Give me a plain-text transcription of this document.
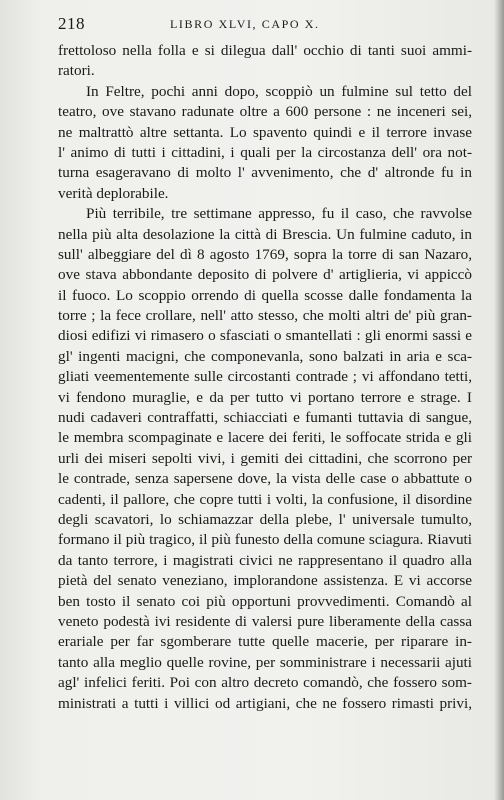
218	LIBRO XLVI, CAPO X.
frettoloso nella folla e si dilegua dall' occhio di tanti suoi ammi-
ratori.
In Feltre, pochi anni dopo, scoppiò un fulmine sul tetto del
teatro, ove stavano radunate oltre a 600 persone : ne inceneri sei,
ne maltrattò altre settanta. Lo spavento quindi e il terrore invase
l' animo di tutti i cittadini, i quali per la circostanza dell' ora not-
turna esageravano di molto l' avvenimento, che d' altronde fu in
verità deplorabile.
Più terribile, tre settimane appresso, fu il caso, che ravvolse
nella più alta desolazione la città di Brescia. Un fulmine caduto, in
sull' albeggiare del dì 8 agosto 1769, sopra la torre di san Nazaro,
ove stava abbondante deposito di polvere d' artiglieria, vi appiccò
il fuoco. Lo scoppio orrendo di quella scosse dalle fondamenta la
torre ; la fece crollare, nell' atto stesso, che molti altri de' più gran-
diosi edifizi vi rimasero o sfasciati o smantellati : gli enormi sassi e
gl' ingenti macigni, che componevanla, sono balzati in aria e sca-
gliati veementemente sulle circostanti contrade ; vi affondano tetti,
vi fendono muraglie, e da per tutto vi portano terrore e strage. I
nudi cadaveri contraffatti, schiacciati e fumanti tuttavia di sangue,
le membra scompaginate e lacere dei feriti, le soffocate strida e gli
urli dei miseri sepolti vivi, i gemiti dei cittadini, che scorrono per
le contrade, senza sapersene dove, la vista delle case o abbattute o
cadenti, il pallore, che copre tutti i volti, la confusione, il disordine
degli scavatori, lo schiamazzar della plebe, l' universale tumulto,
formano il più tragico, il più funesto della comune sciagura. Riavuti
da tanto terrore, i magistrati civici ne rappresentano il quadro alla
pietà del senato veneziano, implorandone assistenza. E vi accorse
ben tosto il senato coi più opportuni provvedimenti. Comandò al
veneto podestà ivi residente di valersi pure liberamente della cassa
erariale per far sgomberare tutte quelle macerie, per riparare in-
tanto alla meglio quelle rovine, per somministrare i necessarii ajuti
agl' infelici feriti. Poi con altro decreto comandò, che fossero som-
ministrati a tutti i villici od artigiani, che ne fossero rimasti privi,
